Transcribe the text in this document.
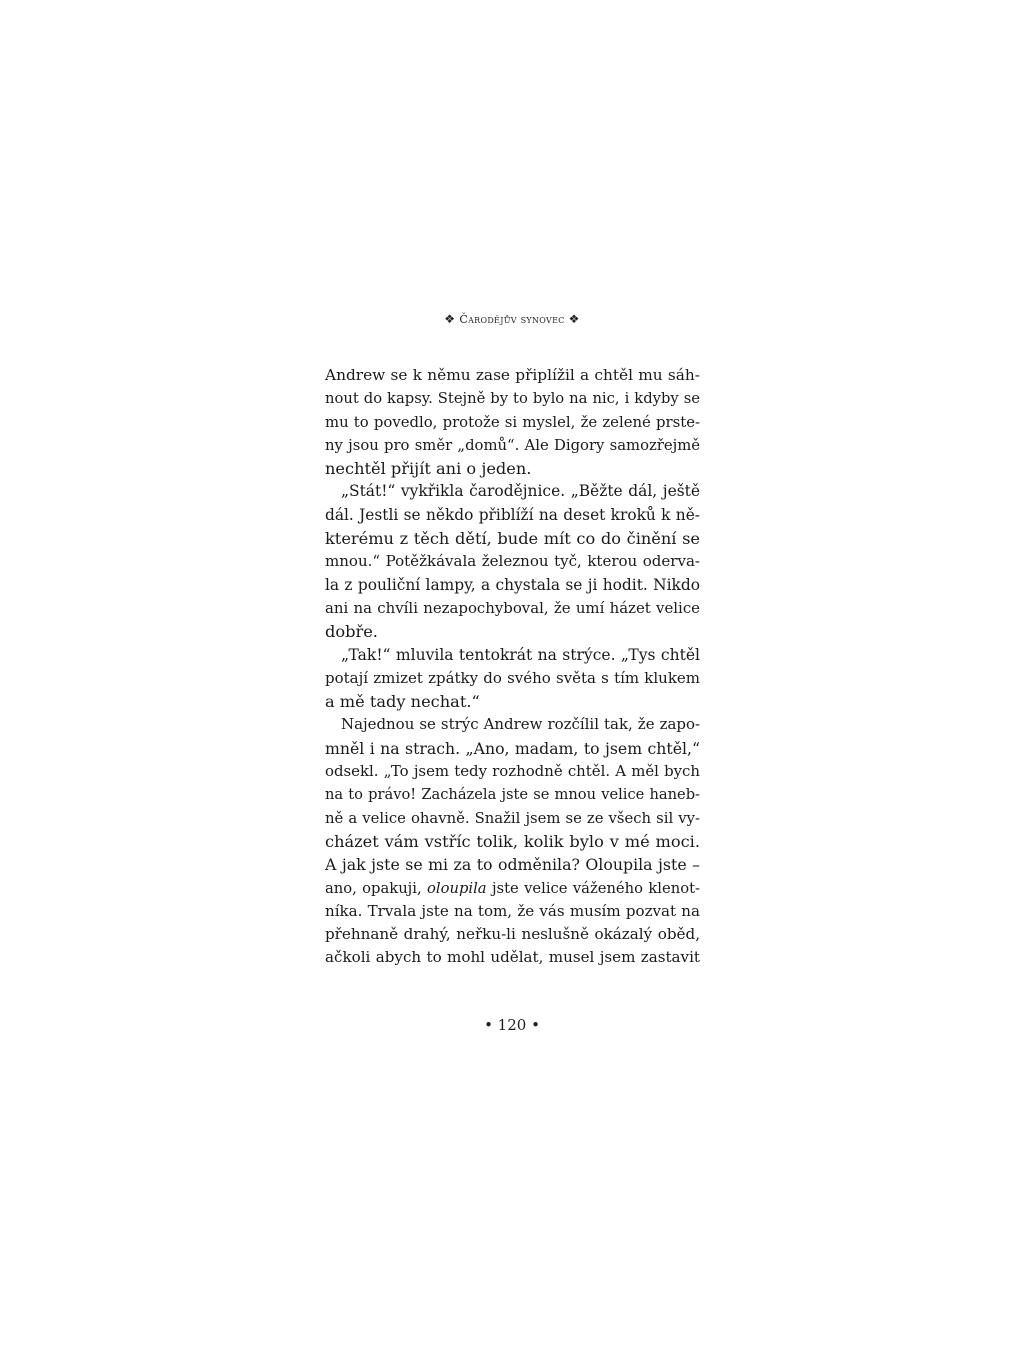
❖ Čarodějův synovec ❖
Andrew se k němu zase připlížil a chtěl mu sáh-
nout do kapsy. Stejně by to bylo na nic, i kdyby se
mu to povedlo, protože si myslel, že zelené prste-
ny jsou pro směr „domů“. Ale Digory samozřejmě
nechtěl přijít ani o jeden.
„Stát!“ vykřikla čarodějnice. „Běžte dál, ještě
dál. Jestli se někdo přiblíží na deset kroků k ně-
kterému z těch dětí, bude mít co do činění se
mnou.“ Potěžkávala železnou tyč, kterou oderva-
la z pouliční lampy, a chystala se ji hodit. Nikdo
ani na chvíli nezapochyboval, že umí házet velice
dobře.
„Tak!“ mluvila tentokrát na strýce. „Tys chtěl
potají zmizet zpátky do svého světa s tím klukem
a mě tady nechat.“
Najednou se strýc Andrew rozčílil tak, že zapo-
mněl i na strach. „Ano, madam, to jsem chtěl,“
odsekl. „To jsem tedy rozhodně chtěl. A měl bych
na to právo! Zacházela jste se mnou velice haneb-
ně a velice ohavně. Snažil jsem se ze všech sil vy-
cházet vám vstříc tolik, kolik bylo v mé moci.
A jak jste se mi za to odměnila? Oloupila jste –
ano, opakuji, oloupila jste velice váženého klenot-
níka. Trvala jste na tom, že vás musím pozvat na
přehnaně drahý, neřku-li neslušně okázalý oběd,
ačkoli abych to mohl udělat, musel jsem zastavit
• 120 •
